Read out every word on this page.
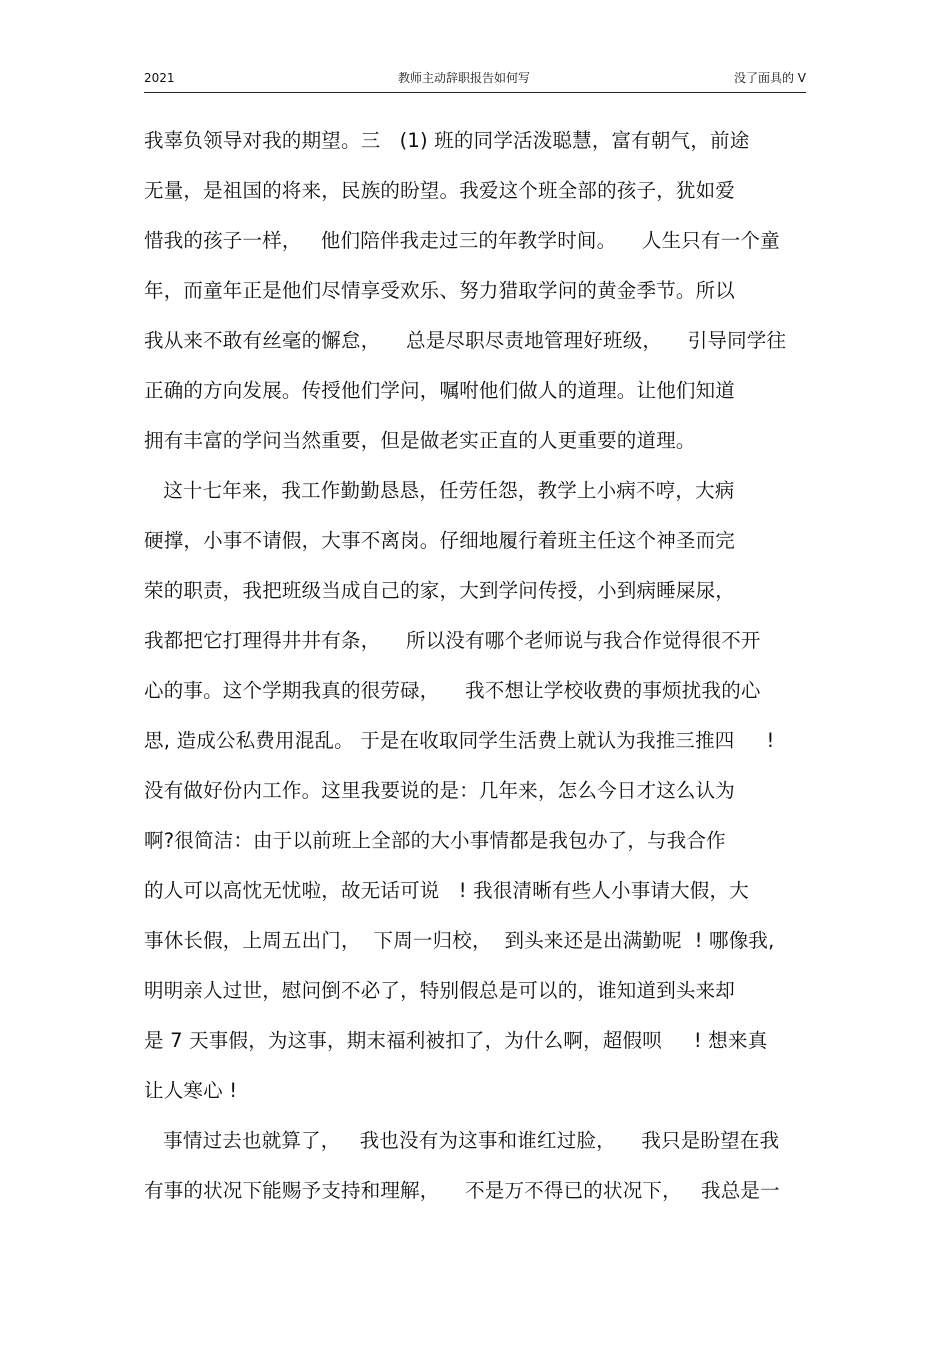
2021	教师主动辞职报告如何写	没了面具的 V
我辜负领导对我的期望。三   (1) 班的同学活泼聪慧，富有朝气，前途
无量，是祖国的将来，民族的盼望。我爱这个班全部的孩子，犹如爱
惜我的孩子一样，   他们陪伴我走过三的年教学时间。    人生只有一个童
年，而童年正是他们尽情享受欢乐、努力猎取学问的黄金季节。所以
我从来不敢有丝毫的懈怠，    总是尽职尽责地管理好班级，    引导同学往
正确的方向发展。传授他们学问，嘱咐他们做人的道理。让他们知道
拥有丰富的学问当然重要，但是做老实正直的人更重要的道理。
这十七年来，我工作勤勤恳恳，任劳任怨，教学上小病不哼，大病
硬撑，小事不请假，大事不离岗。仔细地履行着班主任这个神圣而完
荣的职责，我把班级当成自己的家，大到学问传授，小到病睡屎尿，
我都把它打理得井井有条，    所以没有哪个老师说与我合作觉得很不开
心的事。这个学期我真的很劳碌，    我不想让学校收费的事烦扰我的心
思, 造成公私费用混乱。 于是在收取同学生活费上就认为我推三推四     !
没有做好份内工作。这里我要说的是：几年来，怎么今日才这么认为
啊?很简洁：由于以前班上全部的大小事情都是我包办了，与我合作
的人可以高忱无忧啦，故无话可说   ! 我很清晰有些人小事请大假，大
事休长假，上周五出门，  下周一归校，  到头来还是出满勤呢  ! 哪像我,
明明亲人过世，慰问倒不必了，特别假总是可以的，谁知道到头来却
是 7 天事假，为这事，期末福利被扣了，为什么啊，超假呗     ! 想来真
让人寒心 !
事情过去也就算了，   我也没有为这事和谁红过脸，    我只是盼望在我
有事的状况下能赐予支持和理解，    不是万不得已的状况下，   我总是一
